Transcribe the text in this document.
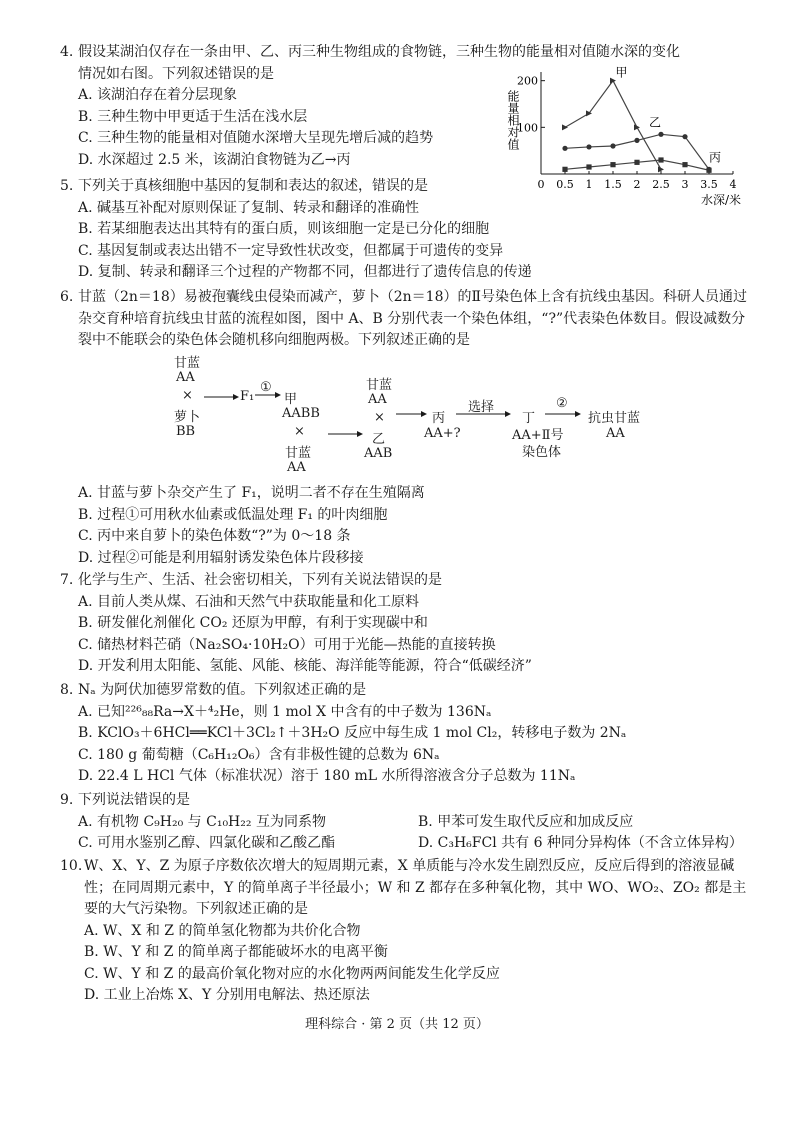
4. 假设某湖泊仅存在一条由甲、乙、丙三种生物组成的食物链，三种生物的能量相对值随水深的变化
情况如右图。下列叙述错误的是
A. 该湖泊存在着分层现象
B. 三种生物中甲更适于生活在浅水层
C. 三种生物的能量相对值随水深增大呈现先增后减的趋势
D. 水深超过 2.5 米，该湖泊食物链为乙→丙
100
200
能量相对值
0 0.5 1 1.5 2 2.5 3 3.5 4
水深/米
甲
乙
丙
5. 下列关于真核细胞中基因的复制和表达的叙述，错误的是
A. 碱基互补配对原则保证了复制、转录和翻译的准确性
B. 若某细胞表达出其特有的蛋白质，则该细胞一定是已分化的细胞
C. 基因复制或表达出错不一定导致性状改变，但都属于可遗传的变异
D. 复制、转录和翻译三个过程的产物都不同，但都进行了遗传信息的传递
6. 甘蓝（2n＝18）易被孢囊线虫侵染而减产，萝卜（2n＝18）的Ⅱ号染色体上含有抗线虫基因。科研人员通过杂交育种培育抗线虫甘蓝的流程如图，图中 A、B 分别代表一个染色体组，“?”代表染色体数目。假设减数分裂中不能联会的染色体会随机移向细胞两极。下列叙述正确的是
甘蓝
AA
×
萝卜
BB
F₁
①
甲
AABB
×
甘蓝
AA
甘蓝
AA
×
乙
AAB
丙
AA+?
选择
丁
AA+Ⅱ号
染色体
②
抗虫甘蓝
AA
A. 甘蓝与萝卜杂交产生了 F₁，说明二者不存在生殖隔离
B. 过程①可用秋水仙素或低温处理 F₁ 的叶肉细胞
C. 丙中来自萝卜的染色体数“?”为 0～18 条
D. 过程②可能是利用辐射诱发染色体片段移接
7. 化学与生产、生活、社会密切相关，下列有关说法错误的是
A. 目前人类从煤、石油和天然气中获取能量和化工原料
B. 研发催化剂催化 CO₂ 还原为甲醇，有利于实现碳中和
C. 储热材料芒硝（Na₂SO₄·10H₂O）可用于光能—热能的直接转换
D. 开发利用太阳能、氢能、风能、核能、海洋能等能源，符合“低碳经济”
8. Nₐ 为阿伏加德罗常数的值。下列叙述正确的是
A. 已知²²⁶₈₈Ra→X＋⁴₂He，则 1 mol X 中含有的中子数为 136Nₐ
B. KClO₃＋6HCl══KCl＋3Cl₂↑＋3H₂O 反应中每生成 1 mol Cl₂，转移电子数为 2Nₐ
C. 180 g 葡萄糖（C₆H₁₂O₆）含有非极性键的总数为 6Nₐ
D. 22.4 L HCl 气体（标准状况）溶于 180 mL 水所得溶液含分子总数为 11Nₐ
9. 下列说法错误的是
A. 有机物 C₉H₂₀ 与 C₁₀H₂₂ 互为同系物	B. 甲苯可发生取代反应和加成反应
C. 可用水鉴别乙醇、四氯化碳和乙酸乙酯	D. C₃H₆FCl 共有 6 种同分异构体（不含立体异构）
10. W、X、Y、Z 为原子序数依次增大的短周期元素，X 单质能与冷水发生剧烈反应，反应后得到的溶液显碱性；在同周期元素中，Y 的简单离子半径最小；W 和 Z 都存在多种氧化物，其中 WO、WO₂、ZO₂ 都是主要的大气污染物。下列叙述正确的是
A. W、X 和 Z 的简单氢化物都为共价化合物
B. W、Y 和 Z 的简单离子都能破坏水的电离平衡
C. W、Y 和 Z 的最高价氧化物对应的水化物两两间能发生化学反应
D. 工业上冶炼 X、Y 分别用电解法、热还原法
理科综合 · 第 2 页（共 12 页）
